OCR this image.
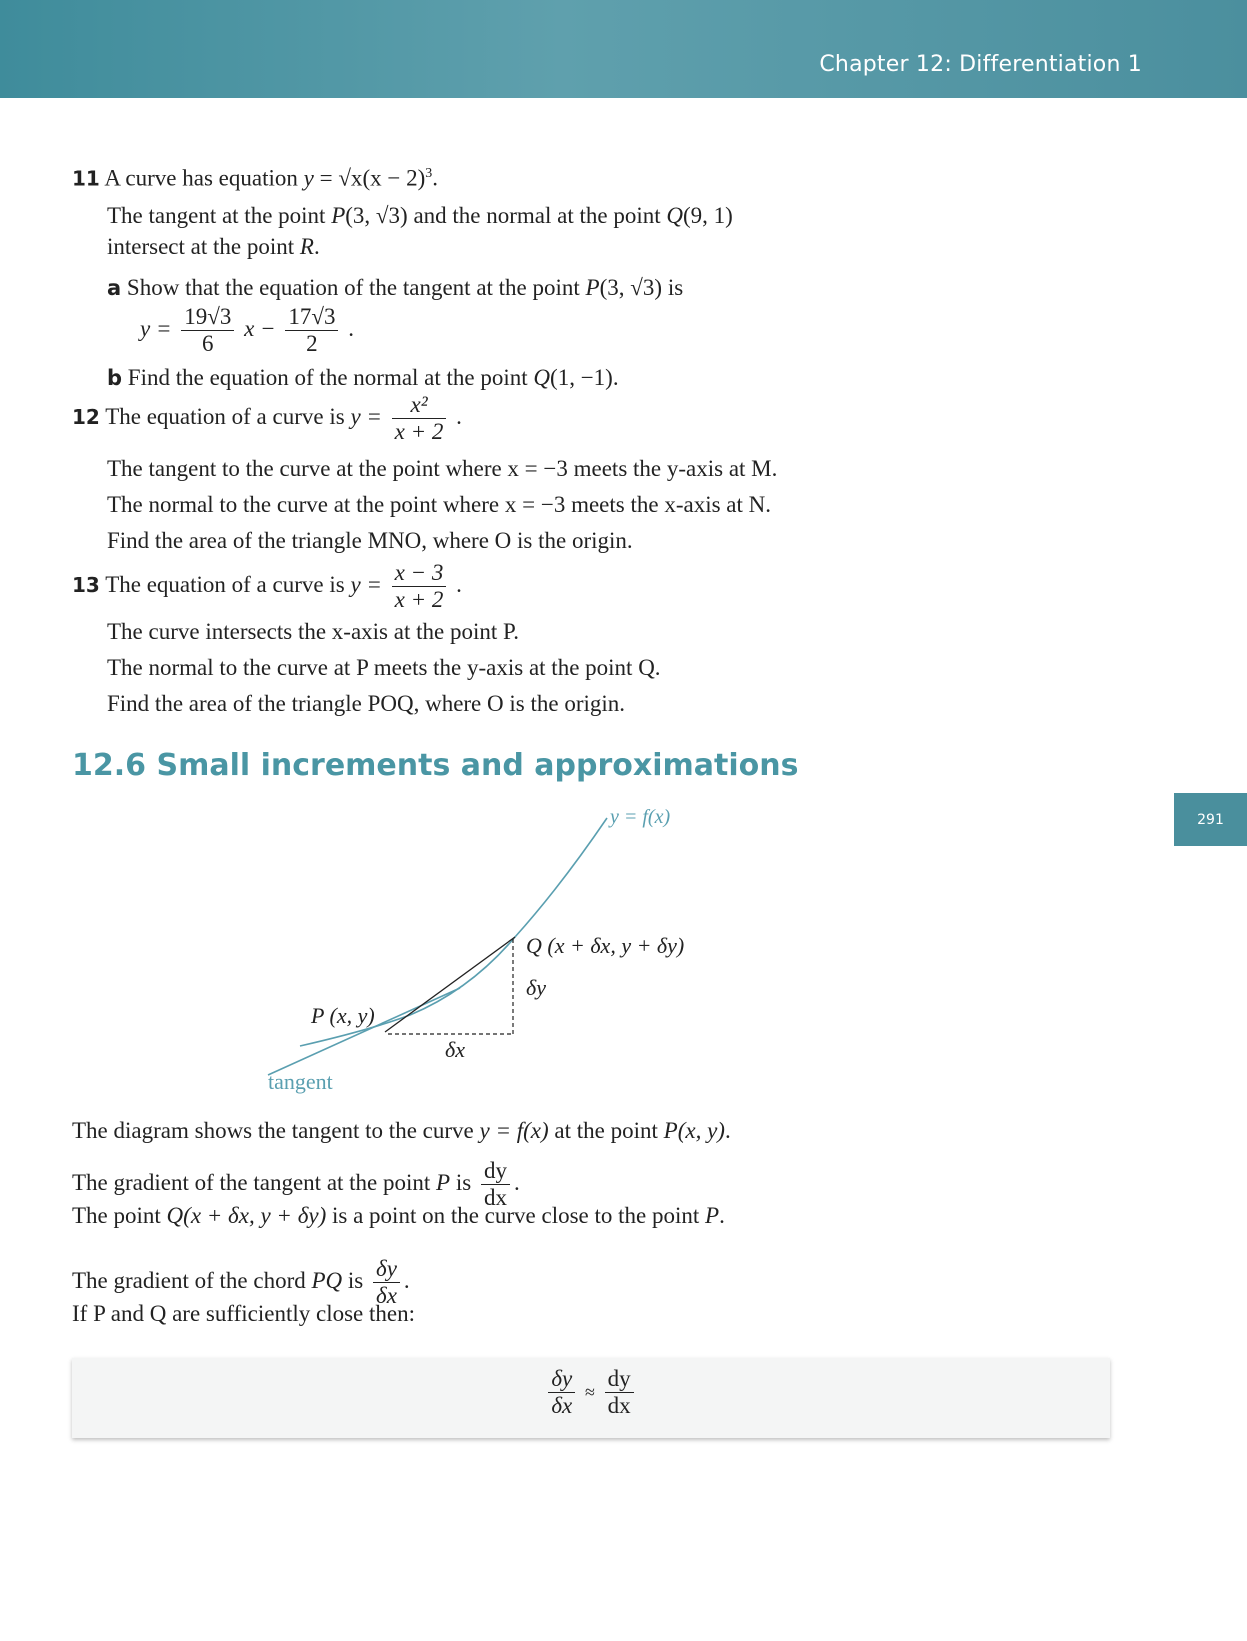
Chapter 12: Differentiation 1
291
11 A curve has equation $y = √x(x - 2)^3$.
The tangent at the point P(3, √3) and the normal at the point Q(9, 1)
intersect at the point R.
a Show that the equation of the tangent at the point P(3, √3) is
$y = \frac{19√3}{6}$ $x - \frac{17√3}{2}$ .
b Find the equation of the normal at the point Q(1, −1).
12 The equation of a curve is $y = \frac{\text{x²}}{x + 2}$ .
The tangent to the curve at the point where x = −3 meets the y-axis at M.
The normal to the curve at the point where x = −3 meets the x-axis at N.
Find the area of the triangle MNO, where O is the origin.
13 The equation of a curve is $y = \frac{x - 3}{x + 2}$ .
The curve intersects the x-axis at the point P.
The normal to the curve at P meets the y-axis at the point Q.
Find the area of the triangle POQ, where O is the origin.
12.6 Small increments and approximations
y = f(x)
Q (x + δx, y + δy)
δy
P (x, y)
δx
tangent
The diagram shows the tangent to the curve y = f(x) at the point P(x, y).
The gradient of the tangent at the point P is $\frac{dy}{dx}$ .
The point Q(x + δx, y + δy) is a point on the curve close to the point P.
The gradient of the chord PQ is $\frac{\delta y}{\delta x}$ .
If P and Q are sufficiently close then:
$\frac{\delta y}{\delta x} \approx \frac{dy}{dx}$
